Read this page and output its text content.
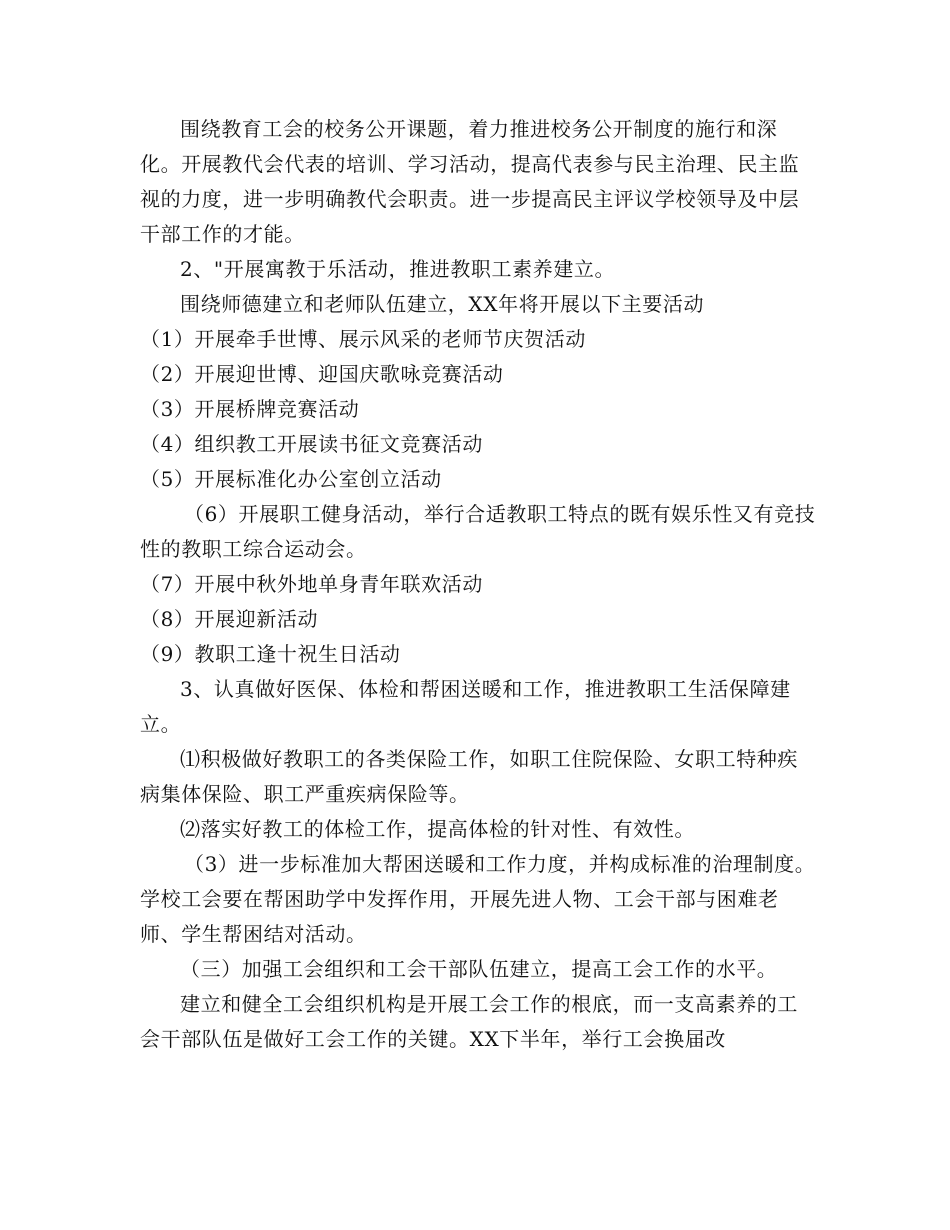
围绕教育工会的校务公开课题，着力推进校务公开制度的施行和深化。开展教代会代表的培训、学习活动，提高代表参与民主治理、民主监视的力度，进一步明确教代会职责。进一步提高民主评议学校领导及中层干部工作的才能。

2、"开展寓教于乐活动，推进教职工素养建立。

围绕师德建立和老师队伍建立，XX年将开展以下主要活动

（1）开展牵手世博、展示风采的老师节庆贺活动

（2）开展迎世博、迎国庆歌咏竞赛活动

（3）开展桥牌竞赛活动

（4）组织教工开展读书征文竞赛活动

（5）开展标准化办公室创立活动

（6）开展职工健身活动，举行合适教职工特点的既有娱乐性又有竞技性的教职工综合运动会。

（7）开展中秋外地单身青年联欢活动

（8）开展迎新活动

（9）教职工逢十祝生日活动

3、认真做好医保、体检和帮困送暖和工作，推进教职工生活保障建立。

⑴积极做好教职工的各类保险工作，如职工住院保险、女职工特种疾病集体保险、职工严重疾病保险等。

⑵落实好教工的体检工作，提高体检的针对性、有效性。

（3）进一步标准加大帮困送暖和工作力度，并构成标准的治理制度。学校工会要在帮困助学中发挥作用，开展先进人物、工会干部与困难老师、学生帮困结对活动。

（三）加强工会组织和工会干部队伍建立，提高工会工作的水平。

建立和健全工会组织机构是开展工会工作的根底，而一支高素养的工会干部队伍是做好工会工作的关键。XX下半年，举行工会换届改
